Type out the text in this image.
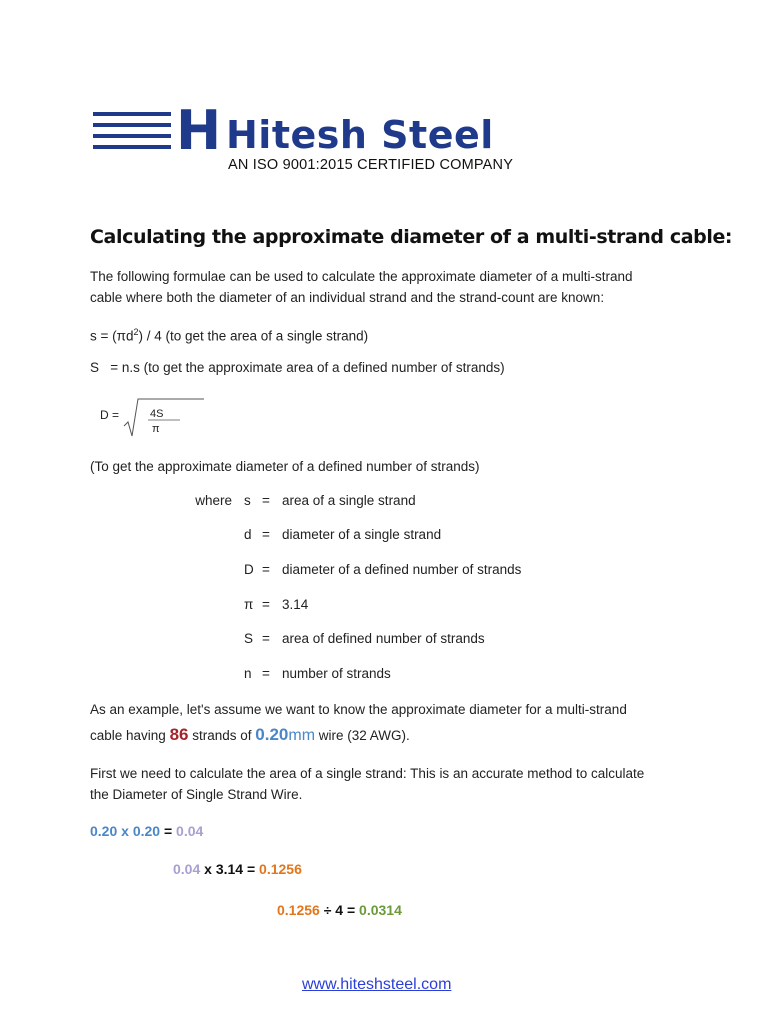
H Hitesh Steel
AN ISO 9001:2015 CERTIFIED COMPANY
Calculating the approximate diameter of a multi-strand cable:
The following formulae can be used to calculate the approximate diameter of a multi-strand
cable where both the diameter of an individual strand and the strand-count are known:
$s = (\pi d^2) / 4$ (to get the area of a single strand)
S   = n.s (to get the approximate area of a defined number of strands)
D =	4S
π
(To get the approximate diameter of a defined number of strands)
where s = area of a single strand
d = diameter of a single strand
D = diameter of a defined number of strands
π = 3.14
S = area of defined number of strands
n = number of strands
As an example, let's assume we want to know the approximate diameter for a multi-strand
cable having 86 strands of 0.20mm wire (32 AWG).
First we need to calculate the area of a single strand: This is an accurate method to calculate
the Diameter of Single Strand Wire.
0.20 x 0.20 = 0.04
0.04 x 3.14 = 0.1256
0.1256 ÷ 4 = 0.0314
www.hiteshsteel.com
